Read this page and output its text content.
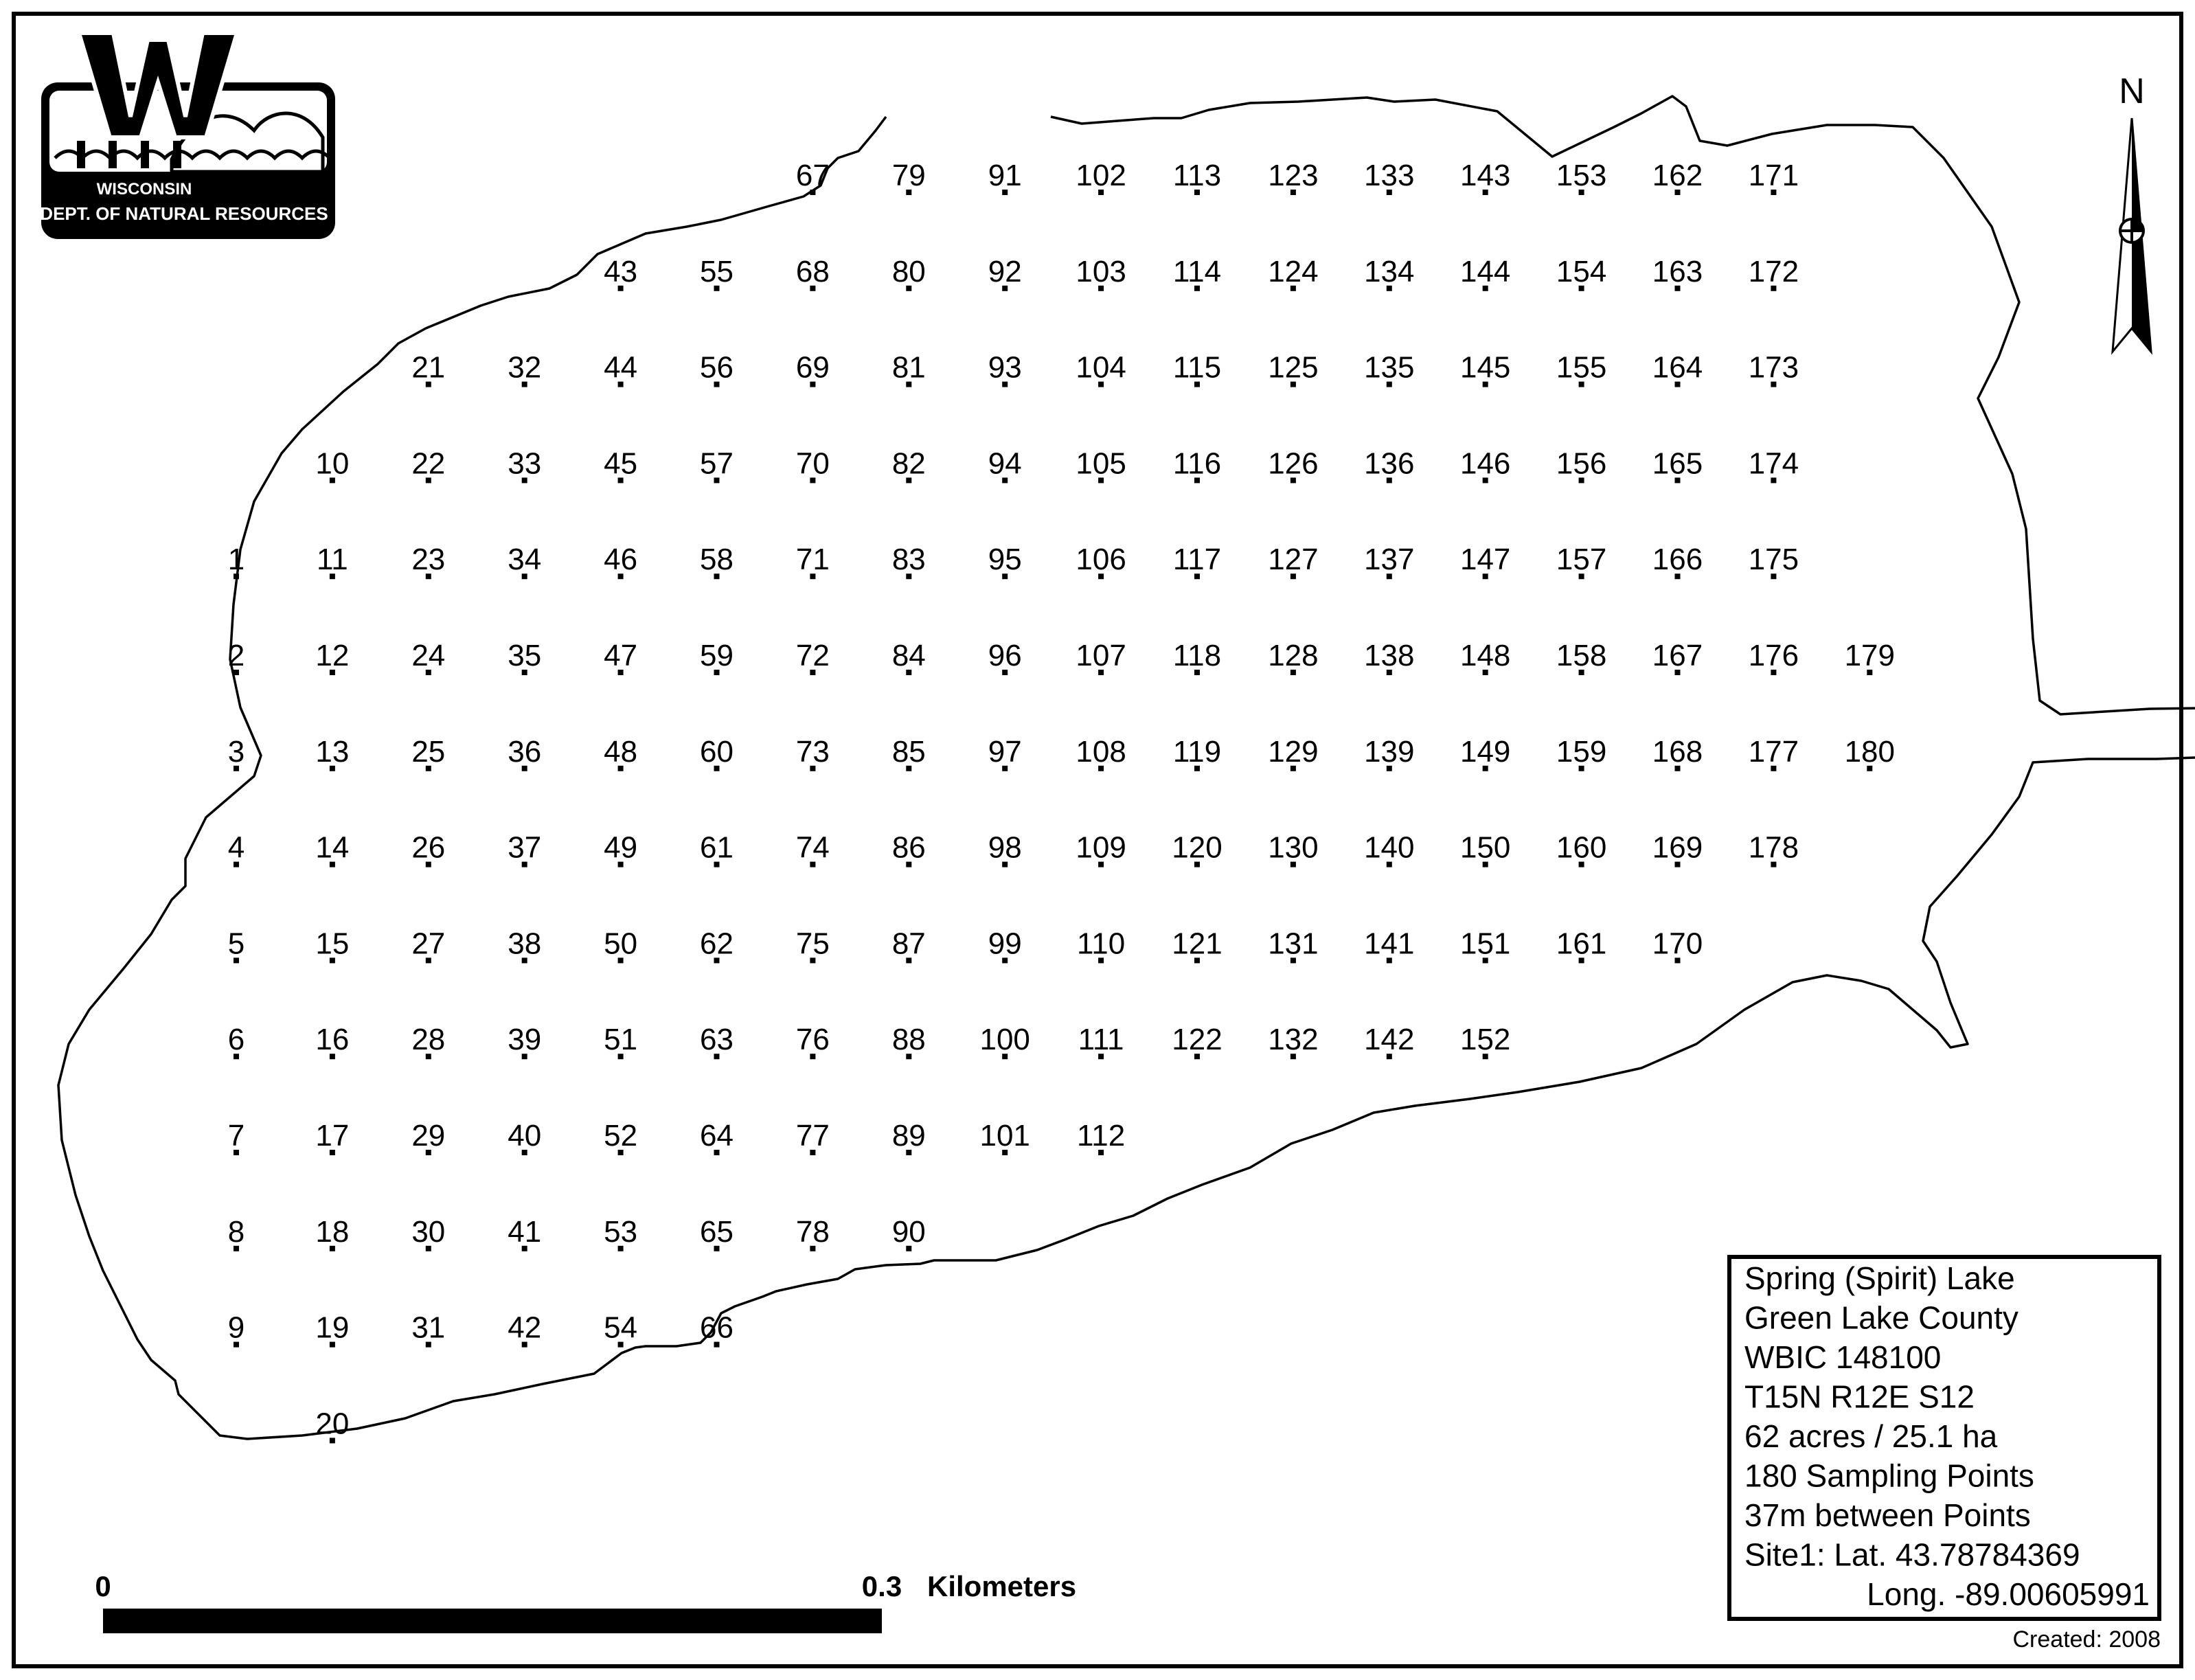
1
2
3
4
5
6
7
8
9
10
11
12
13
14
15
16
17
18
19
20
21
22
23
24
25
26
27
28
29
30
31
32
33
34
35
36
37
38
39
40
41
42
43
44
45
46
47
48
49
50
51
52
53
54
55
56
57
58
59
60
61
62
63
64
65
66
67
68
69
70
71
72
73
74
75
76
77
78
79
80
81
82
83
84
85
86
87
88
89
90
91
92
93
94
95
96
97
98
99
100
101
102
103
104
105
106
107
108
109
110
111
112
113
114
115
116
117
118
119
120
121
122
123
124
125
126
127
128
129
130
131
132
133
134
135
136
137
138
139
140
141
142
143
144
145
146
147
148
149
150
151
152
153
154
155
156
157
158
159
160
161
162
163
164
165
166
167
168
169
170
171
172
173
174
175
176
177
178
179
180
WISCONSIN
DEPT. OF NATURAL RESOURCES
N
0	0.3 Kilometers
Spring (Spirit) Lake
Green Lake County
WBIC 148100
T15N R12E S12
62 acres / 25.1 ha
180 Sampling Points
37m between Points
Site1: Lat. 43.78784369
Long. -89.00605991
Created: 2008
